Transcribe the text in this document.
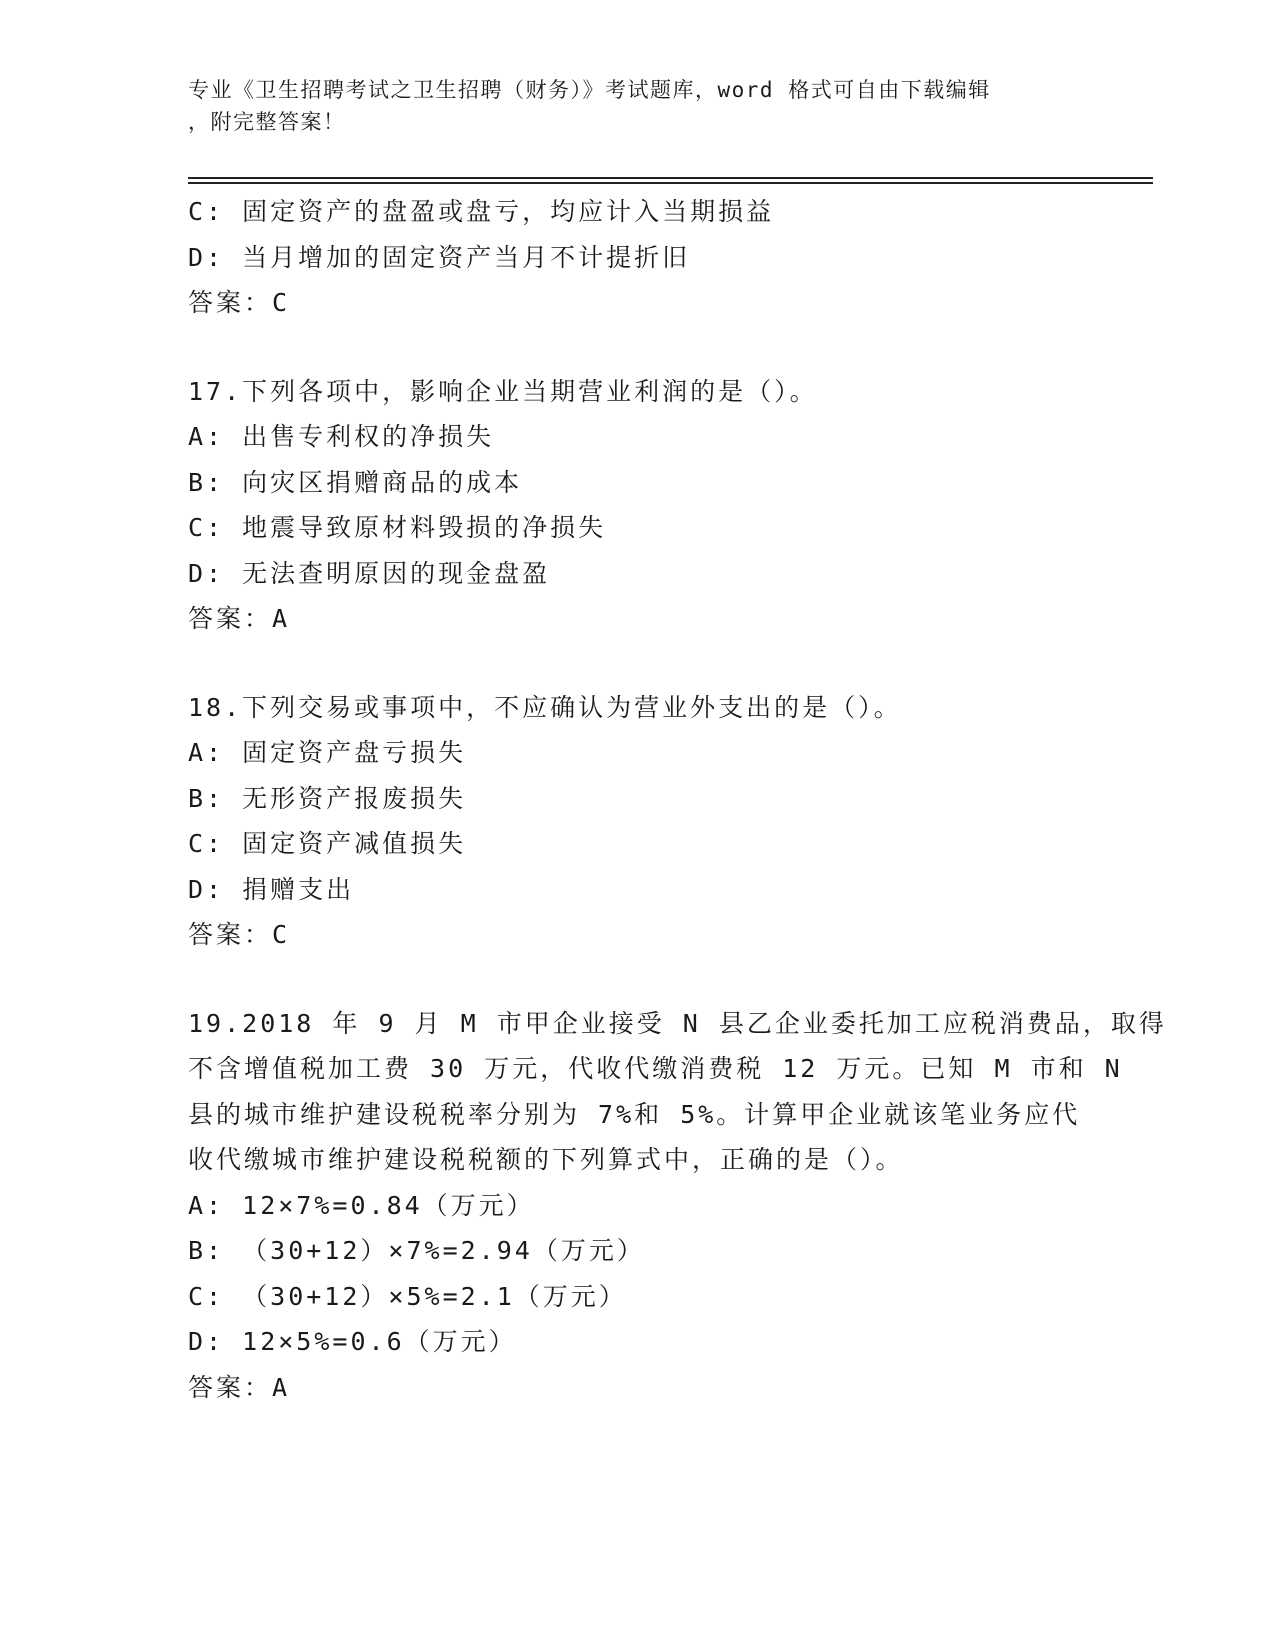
专业《卫生招聘考试之卫生招聘（财务）》考试题库，word 格式可自由下载编辑
，附完整答案！
C: 固定资产的盘盈或盘亏，均应计入当期损益
D: 当月增加的固定资产当月不计提折旧
答案：C
17.下列各项中，影响企业当期营业利润的是（）。
A: 出售专利权的净损失
B: 向灾区捐赠商品的成本
C: 地震导致原材料毁损的净损失
D: 无法查明原因的现金盘盈
答案：A
18.下列交易或事项中，不应确认为营业外支出的是（）。
A: 固定资产盘亏损失
B: 无形资产报废损失
C: 固定资产减值损失
D: 捐赠支出
答案：C
19.2018 年 9 月 M 市甲企业接受 N 县乙企业委托加工应税消费品，取得
不含增值税加工费 30 万元，代收代缴消费税 12 万元。已知 M 市和 N
县的城市维护建设税税率分别为 7%和 5%。计算甲企业就该笔业务应代
收代缴城市维护建设税税额的下列算式中，正确的是（）。
A: 12×7%=0.84（万元）
B: （30+12）×7%=2.94（万元）
C: （30+12）×5%=2.1（万元）
D: 12×5%=0.6（万元）
答案：A
